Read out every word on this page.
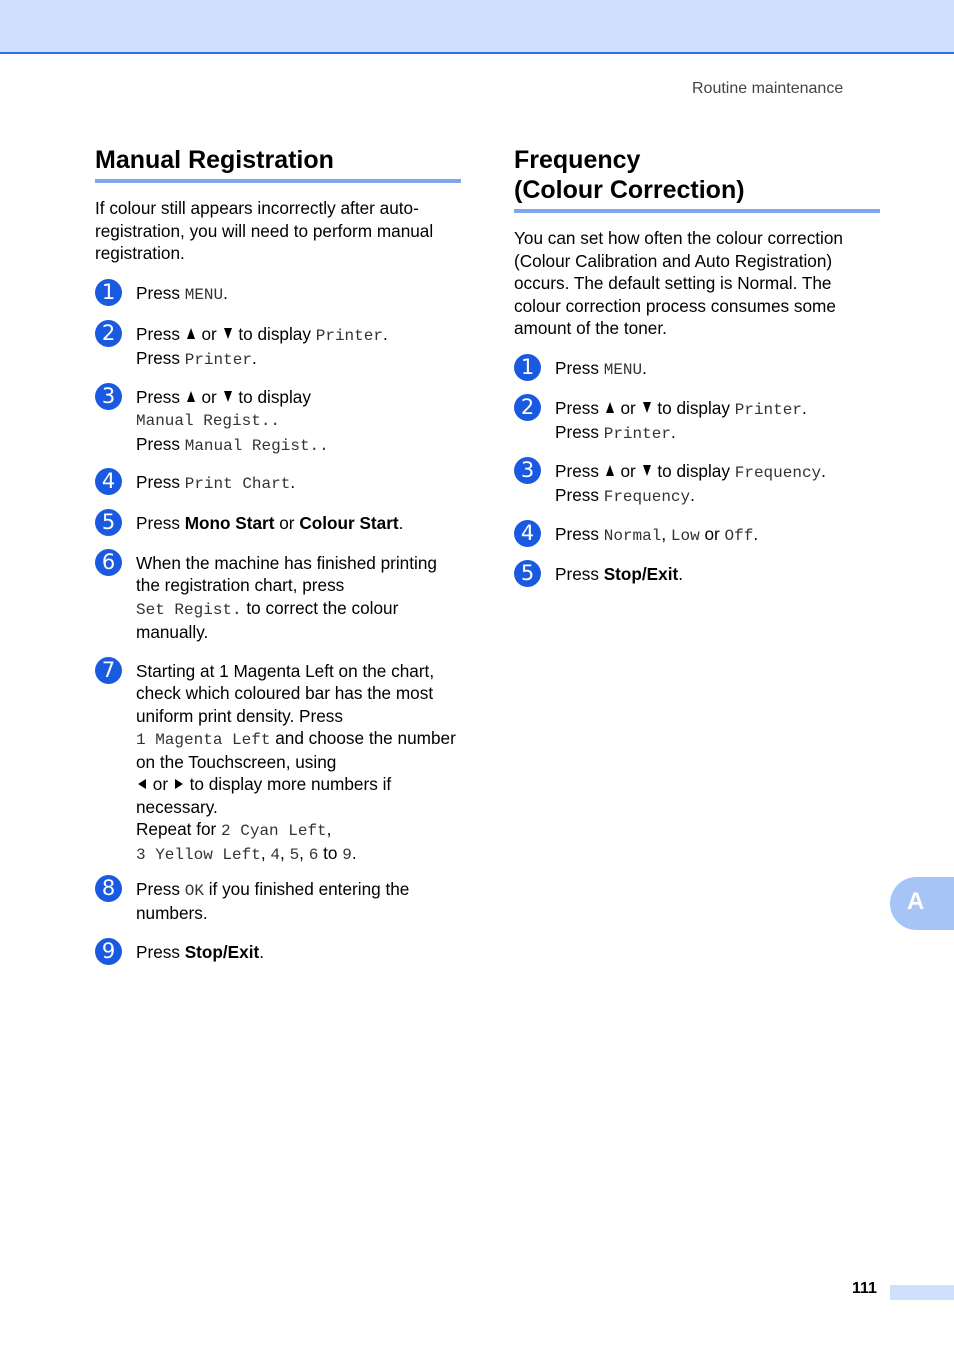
Routine maintenance
Manual Registration

If colour still appears incorrectly after auto-registration, you will need to perform manual registration.

1	Press MENU.
2	Press  or  to display Printer.
Press Printer.
3	Press  or  to display
Manual Regist..
Press Manual Regist..
4	Press Print Chart.
5	Press Mono Start or Colour Start.
6	When the machine has finished printing the registration chart, press
Set Regist. to correct the colour manually.
7	Starting at 1 Magenta Left on the chart, check which coloured bar has the most uniform print density. Press
1 Magenta Left and choose the number on the Touchscreen, using
or  to display more numbers if necessary.
Repeat for 2 Cyan Left,
3 Yellow Left, 4, 5, 6 to 9.
8	Press OK if you finished entering the numbers.
9	Press Stop/Exit.
Frequency
(Colour Correction)

You can set how often the colour correction (Colour Calibration and Auto Registration) occurs. The default setting is Normal. The colour correction process consumes some amount of the toner.

1	Press MENU.
2	Press  or  to display Printer.
Press Printer.
3	Press  or  to display Frequency.
Press Frequency.
4	Press Normal, Low or Off.
5	Press Stop/Exit.
A
111
